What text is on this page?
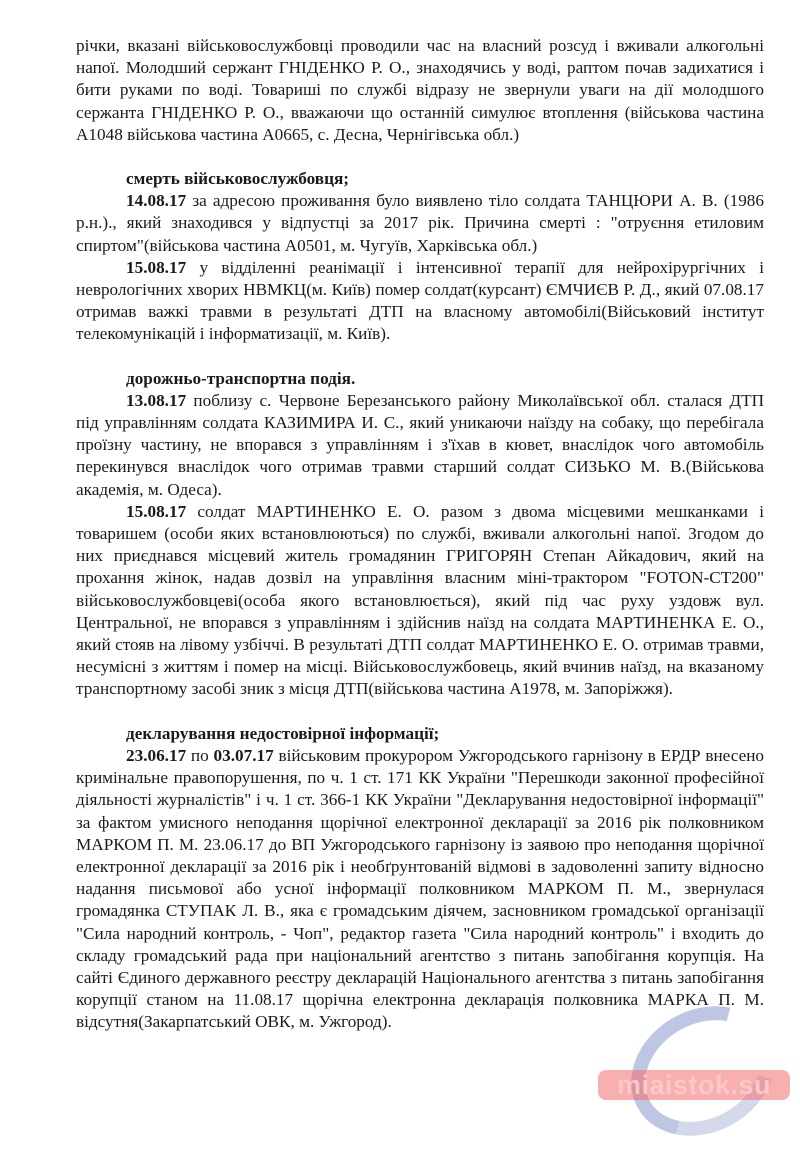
річки, вказані військовослужбовці проводили час на власний розсуд і вживали алкогольні напої. Молодший сержант ГНІДЕНКО Р. О., знаходячись у воді, раптом почав задихатися і бити руками по воді. Товариші по службі відразу не звернули уваги на дії молодшого сержанта ГНІДЕНКО Р. О., вважаючи що останній симулює втоплення (військова частина А1048 військова частина А0665, с. Десна, Чернігівська обл.)

смерть військовослужбовця;

14.08.17 за адресою проживання було виявлено тіло солдата ТАНЦЮРИ А. В. (1986 р.н.)., який знаходився у відпустці за 2017 рік. Причина смерті : "отруєння етиловим спиртом"(військова частина А0501, м. Чугуїв, Харківська обл.)

15.08.17 у відділенні реанімації і інтенсивної терапії для нейрохірургічних і неврологічних хворих НВМКЦ(м. Київ) помер солдат(курсант) ЄМЧИЄВ Р. Д., який 07.08.17 отримав важкі травми в результаті ДТП на власному автомобілі(Військовий інститут телекомунікацій і інформатизації, м. Київ).

дорожньо-транспортна подія.

13.08.17 поблизу с. Червоне Березанського району Миколаївської обл. сталася ДТП під управлінням солдата КАЗИМИРА И. С., який уникаючи наїзду на собаку, що перебігала проїзну частину, не впорався з управлінням і з'їхав в кювет, внаслідок чого автомобіль перекинувся внаслідок чого отримав травми старший солдат СИЗЬКО М. В.(Військова академія, м. Одеса).

15.08.17 солдат МАРТИНЕНКО Е. О. разом з двома місцевими мешканками і товаришем (особи яких встановлюються) по службі, вживали алкогольні напої. Згодом до них приєднався місцевий житель громадянин ГРИГОРЯН Степан Айкадович, який на прохання жінок, надав дозвіл на управління власним міні-трактором "FOTON-CT200" військовослужбовцеві(особа якого встановлюється), який під час руху уздовж вул. Центральної, не впорався з управлінням і здійснив наїзд на солдата МАРТИНЕНКА Е. О., який стояв на лівому узбіччі. В результаті ДТП солдат МАРТИНЕНКО Е. О. отримав травми, несумісні з життям і помер на місці. Військовослужбовець, який вчинив наїзд, на вказаному транспортному засобі зник з місця ДТП(військова частина А1978, м. Запоріжжя).

декларування недостовірної інформації;

23.06.17 по 03.07.17 військовим прокурором Ужгородського гарнізону в ЕРДР внесено кримінальне правопорушення, по ч. 1 ст. 171 КК України "Перешкоди законної професійної діяльності журналістів" і ч. 1 ст. 366-1 КК України "Декларування недостовірної інформації" за фактом умисного неподання щорічної електронної декларації за 2016 рік полковником МАРКОМ П. М. 23.06.17 до ВП Ужгородського гарнізону із заявою про неподання щорічної електронної декларації за 2016 рік і необґрунтованій відмові в задоволенні запиту відносно надання письмової або усної інформації полковником МАРКОМ П. М., звернулася громадянка СТУПАК Л. В., яка є громадським діячем, засновником громадської організації "Сила народний контроль, - Чоп", редактор газета "Сила народний контроль" і входить до складу громадський рада при національний агентство з питань запобігання корупція. На сайті Єдиного державного реєстру декларацій Національного агентства з питань запобігання корупції станом на 11.08.17 щорічна електронна декларація полковника МАРКА П. М. відсутня(Закарпатський ОВК, м. Ужгород).

miaistok.su
